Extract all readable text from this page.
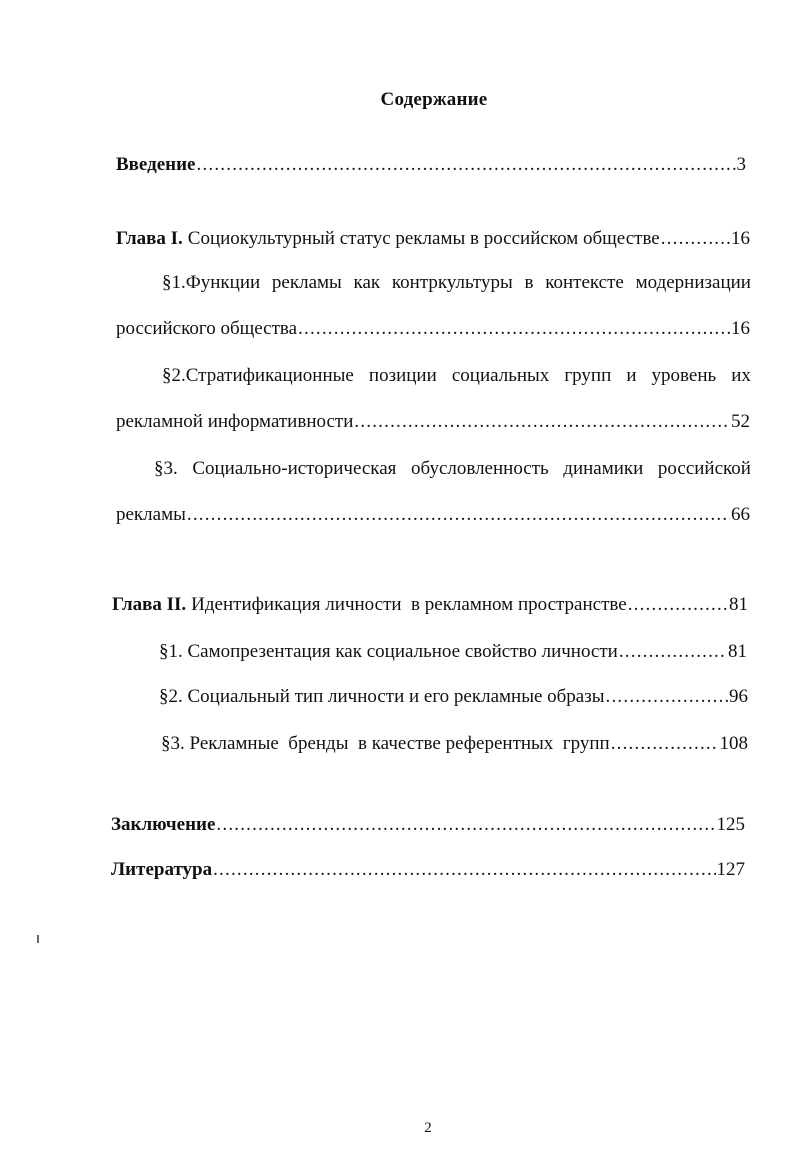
Содержание
Введение .....	3
Глава I. Социокультурный статус рекламы в российском обществе .....	16
§1.Функции рекламы как контркультуры в контексте модернизации
российского общества .....	16
§2.Стратификационные позиции социальных групп и уровень их
рекламной информативности .....	52
§3. Социально-историческая обусловленность динамики российской
рекламы .....	66
Глава II. Идентификация личности  в рекламном пространстве .....	81
§1. Самопрезентация как социальное свойство личности .....	81
§2. Социальный тип личности и его рекламные образы .....	96
§3. Рекламные  бренды  в качестве референтных  групп .....	108
Заключение .....	125
Литература .....	127
2
